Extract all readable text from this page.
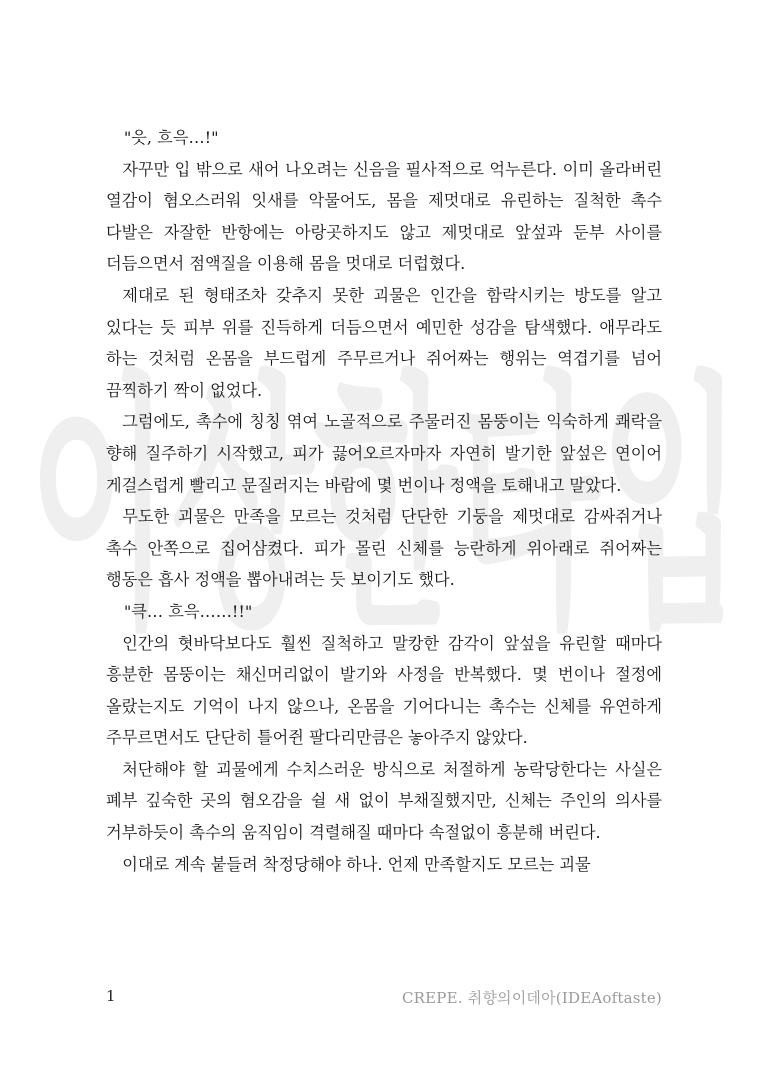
이상한타입

"읏, 흐윽…!"

자꾸만 입 밖으로 새어 나오려는 신음을 필사적으로 억누른다. 이미 올라버린 열감이 혐오스러워 잇새를 악물어도, 몸을 제멋대로 유린하는 질척한 촉수 다발은 자잘한 반항에는 아랑곳하지도 않고 제멋대로 앞섶과 둔부 사이를 더듬으면서 점액질을 이용해 몸을 멋대로 더럽혔다.

제대로 된 형태조차 갖추지 못한 괴물은 인간을 함락시키는 방도를 알고 있다는 듯 피부 위를 진득하게 더듬으면서 예민한 성감을 탐색했다. 애무라도 하는 것처럼 온몸을 부드럽게 주무르거나 쥐어짜는 행위는 역겹기를 넘어 끔찍하기 짝이 없었다.

그럼에도, 촉수에 칭칭 엮여 노골적으로 주물러진 몸뚱이는 익숙하게 쾌락을 향해 질주하기 시작했고, 피가 끓어오르자마자 자연히 발기한 앞섶은 연이어 게걸스럽게 빨리고 문질러지는 바람에 몇 번이나 정액을 토해내고 말았다.

무도한 괴물은 만족을 모르는 것처럼 단단한 기둥을 제멋대로 감싸쥐거나 촉수 안쪽으로 집어삼켰다. 피가 몰린 신체를 능란하게 위아래로 쥐어짜는 행동은 흡사 정액을 뽑아내려는 듯 보이기도 했다.

"큭… 흐윽……!!"

인간의 혓바닥보다도 훨씬 질척하고 말캉한 감각이 앞섶을 유린할 때마다 흥분한 몸뚱이는 채신머리없이 발기와 사정을 반복했다. 몇 번이나 절정에 올랐는지도 기억이 나지 않으나, 온몸을 기어다니는 촉수는 신체를 유연하게 주무르면서도 단단히 틀어쥔 팔다리만큼은 놓아주지 않았다.

처단해야 할 괴물에게 수치스러운 방식으로 처절하게 농락당한다는 사실은 폐부 깊숙한 곳의 혐오감을 쉴 새 없이 부채질했지만, 신체는 주인의 의사를 거부하듯이 촉수의 움직임이 격렬해질 때마다 속절없이 흥분해 버린다.

이대로 계속 붙들려 착정당해야 하나. 언제 만족할지도 모르는 괴물

1	CREPE. 취향의이데아(IDEAoftaste)
